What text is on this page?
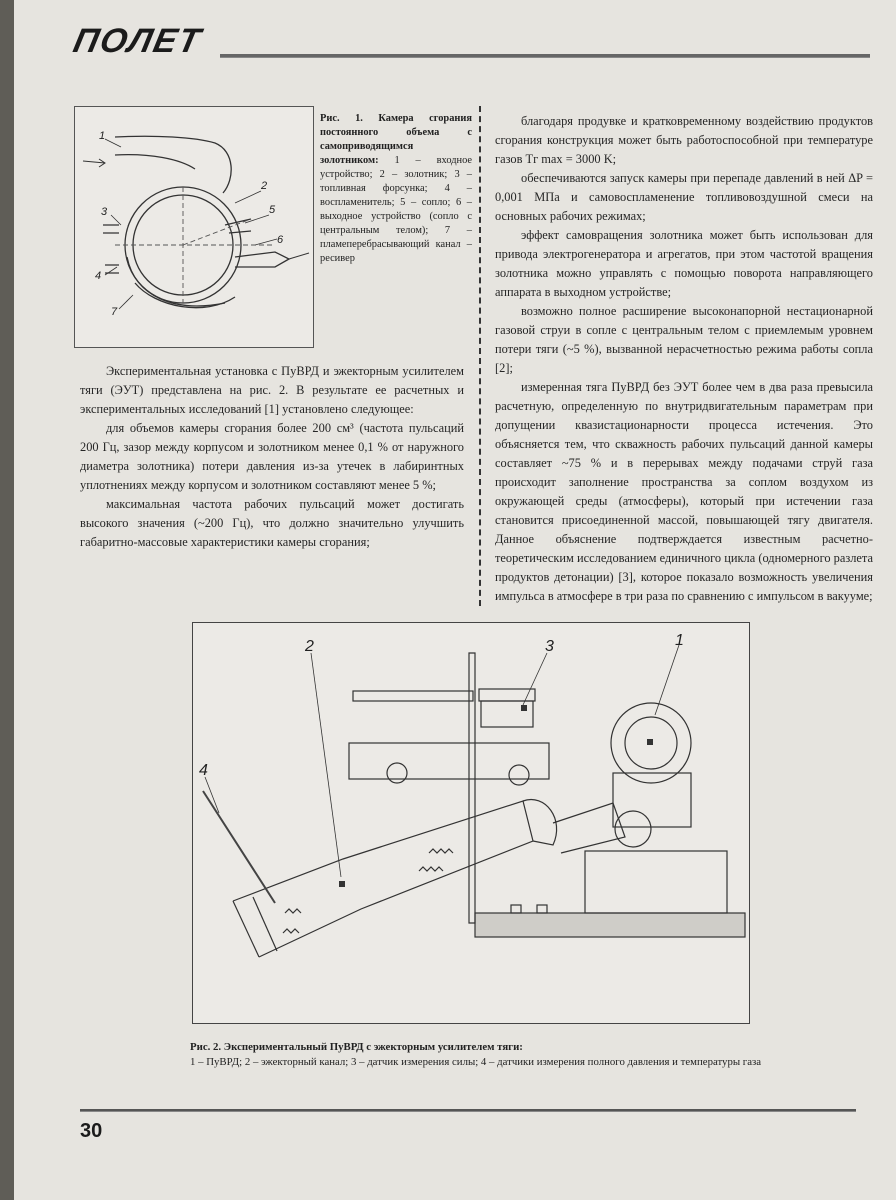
ПОЛЕТ
1
2
3
4
5
6
7
Рис. 1. Камера сгорания постоянного объема с самоприводящимся золотником: 1 – входное устройство; 2 – золотник; 3 – топливная форсунка; 4 – воспламенитель; 5 – сопло; 6 – выходное устройство (сопло с центральным телом); 7 – пламеперебрасывающий канал – ресивер

Экспериментальная установка с ПуВРД и эжекторным усилителем тяги (ЭУТ) представлена на рис. 2. В результате ее расчетных и экспериментальных исследований [1] установлено следующее:

для объемов камеры сгорания более 200 см³ (частота пульсаций 200 Гц, зазор между корпусом и золотником менее 0,1 % от наружного диаметра золотника) потери давления из-за утечек в лабиринтных уплотнениях между корпусом и золотником составляют менее 5 %;

максимальная частота рабочих пульсаций может достигать высокого значения (~200 Гц), что должно значительно улучшить габаритно-массовые характеристики камеры сгорания;

благодаря продувке и кратковременному воздействию продуктов сгорания конструкция может быть работоспособной при температуре газов Tг max = 3000 K;

обеспечиваются запуск камеры при перепаде давлений в ней ΔP = 0,001 МПа и самовоспламенение топливовоздушной смеси на основных рабочих режимах;

эффект самовращения золотника может быть использован для привода электрогенератора и агрегатов, при этом частотой вращения золотника можно управлять с помощью поворота направляющего аппарата в выходном устройстве;

возможно полное расширение высоконапорной нестационарной газовой струи в сопле с центральным телом с приемлемым уровнем потери тяги (~5 %), вызванной нерасчетностью режима работы сопла [2];

измеренная тяга ПуВРД без ЭУТ более чем в два раза превысила расчетную, определенную по внутридвигательным параметрам при допущении квазистационарности процесса истечения. Это объясняется тем, что скважность рабочих пульсаций данной камеры составляет ~75 % и в перерывах между подачами струй газа происходит заполнение пространства за соплом воздухом из окружающей среды (атмосферы), который при истечении газа становится присоединенной массой, повышающей тягу двигателя. Данное объяснение подтверждается известным расчетно-теоретическим исследованием единичного цикла (одномерного разлета продуктов детонации) [3], которое показало возможность увеличения импульса в атмосфере в три раза по сравнению с импульсом в вакууме;

1
2	3
4
Рис. 2. Экспериментальный ПуВРД с эжекторным усилителем тяги:
1 – ПуВРД; 2 – эжекторный канал; 3 – датчик измерения силы; 4 – датчики измерения полного давления и температуры газа
30
